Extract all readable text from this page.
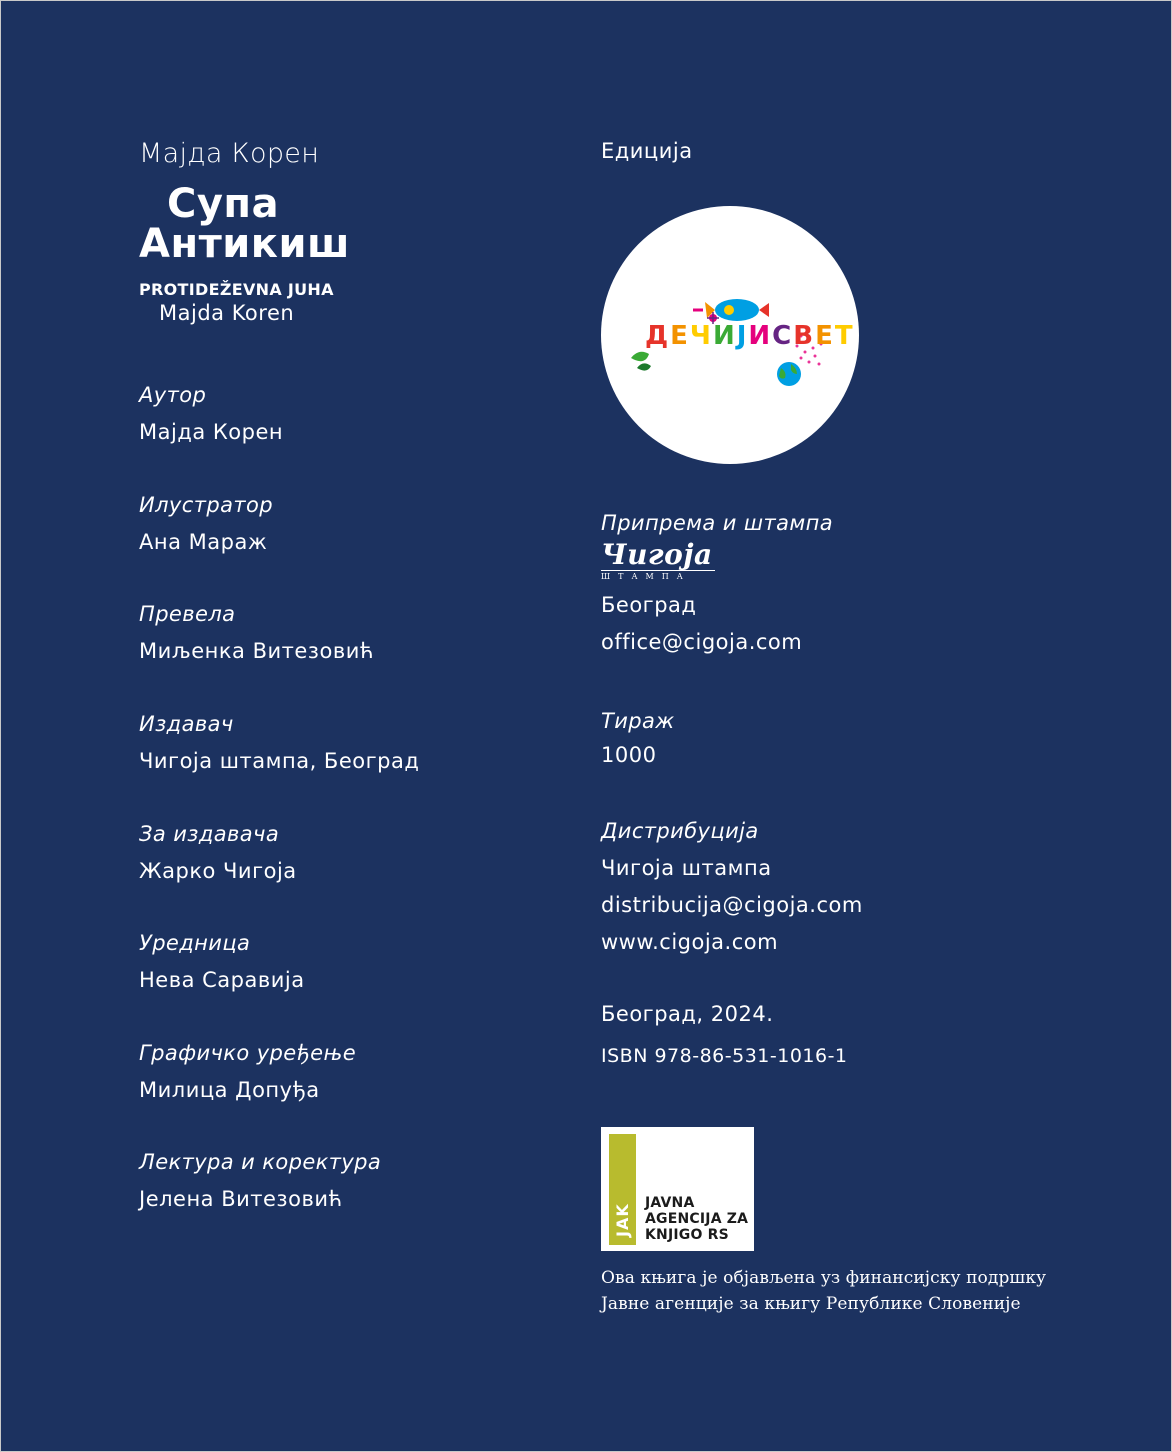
Мајда Корен
Супа
Антикиш
PROTIDEŽEVNA JUHA
Majda Koren
Аутор
Мајда Корен
Илустратор
Ана Мараж
Превела
Миљенка Витезовић
Издавач
Чигоја штампа, Београд
За издавача
Жарко Чигоја
Уредница
Нева Саравија
Графичко уређење
Милица Допуђа
Лектура и коректура
Јелена Витезовић
Едиција
ДЕЧИЈИСВЕТ
Припрема и штампа
Чигоја
ШТАМПА
Београд
office@cigoja.com
Тираж
1000
Дистрибуција
Чигоја штампа
distribucija@cigoja.com
www.cigoja.com
Београд, 2024.
ISBN 978-86-531-1016-1
JAK
JAVNA
AGENCIJA ZA
KNJIGO RS
Ова књига је објављена уз финансијску подршку
Јавне агенције за књигу Републике Словеније
